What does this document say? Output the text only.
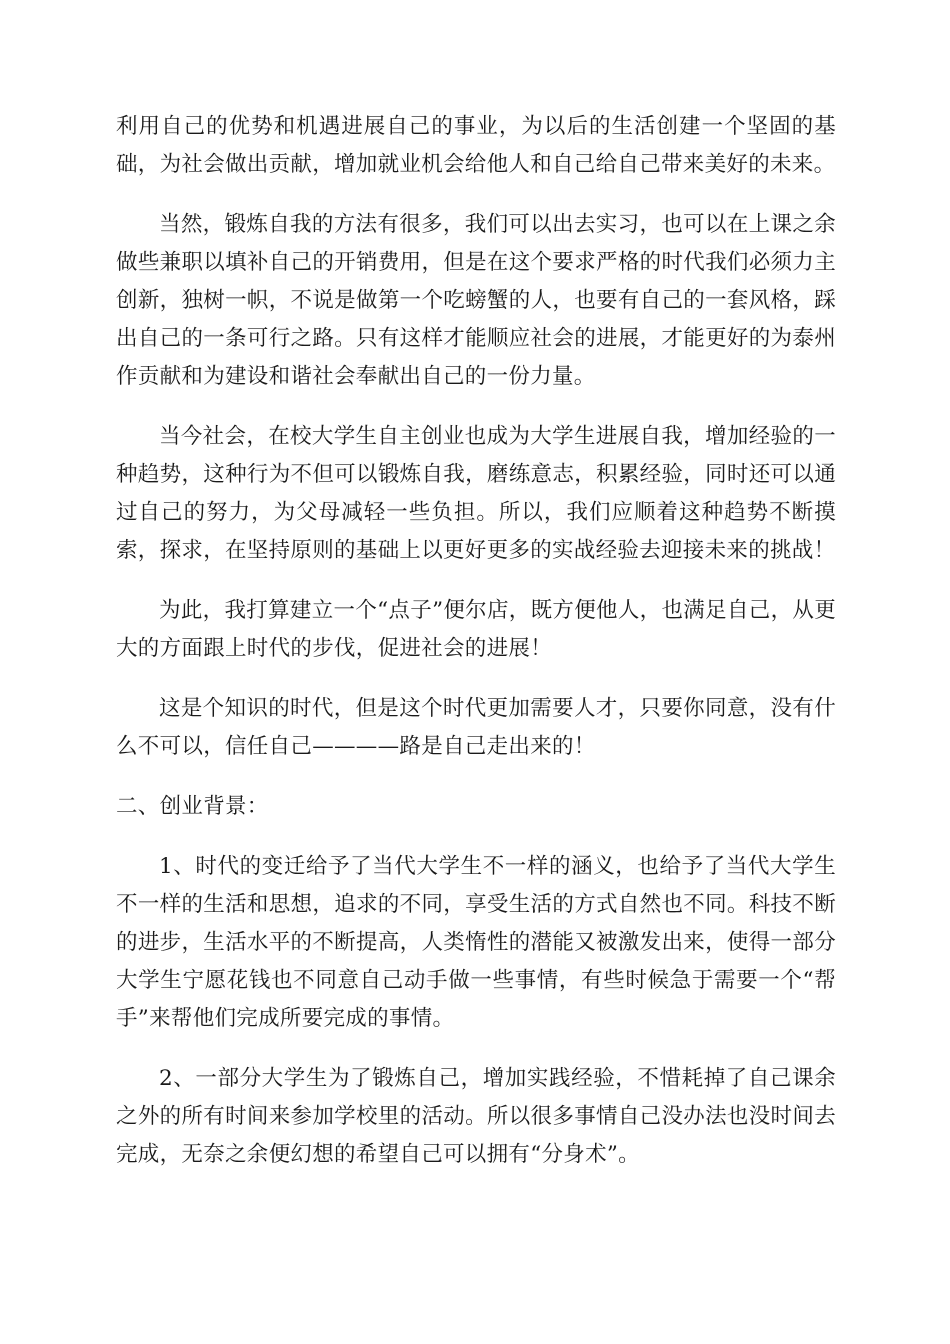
利用自己的优势和机遇进展自己的事业，为以后的生活创建一个坚固的基础，为社会做出贡献，增加就业机会给他人和自己给自己带来美好的未来。

当然，锻炼自我的方法有很多，我们可以出去实习，也可以在上课之余做些兼职以填补自己的开销费用，但是在这个要求严格的时代我们必须力主创新，独树一帜，不说是做第一个吃螃蟹的人，也要有自己的一套风格，踩出自己的一条可行之路。只有这样才能顺应社会的进展，才能更好的为泰州作贡献和为建设和谐社会奉献出自己的一份力量。

当今社会，在校大学生自主创业也成为大学生进展自我，增加经验的一种趋势，这种行为不但可以锻炼自我，磨练意志，积累经验，同时还可以通过自己的努力，为父母减轻一些负担。所以，我们应顺着这种趋势不断摸索，探求，在坚持原则的基础上以更好更多的实战经验去迎接未来的挑战！

为此，我打算建立一个“点子”便尔店，既方便他人，也满足自己，从更大的方面跟上时代的步伐，促进社会的进展！

这是个知识的时代，但是这个时代更加需要人才，只要你同意，没有什么不可以，信任自己————路是自己走出来的！

二、创业背景：

1、时代的变迁给予了当代大学生不一样的涵义，也给予了当代大学生不一样的生活和思想，追求的不同，享受生活的方式自然也不同。科技不断的进步，生活水平的不断提高，人类惰性的潜能又被激发出来，使得一部分大学生宁愿花钱也不同意自己动手做一些事情，有些时候急于需要一个“帮手”来帮他们完成所要完成的事情。

2、一部分大学生为了锻炼自己，增加实践经验，不惜耗掉了自己课余之外的所有时间来参加学校里的活动。所以很多事情自己没办法也没时间去完成，无奈之余便幻想的希望自己可以拥有“分身术”。
